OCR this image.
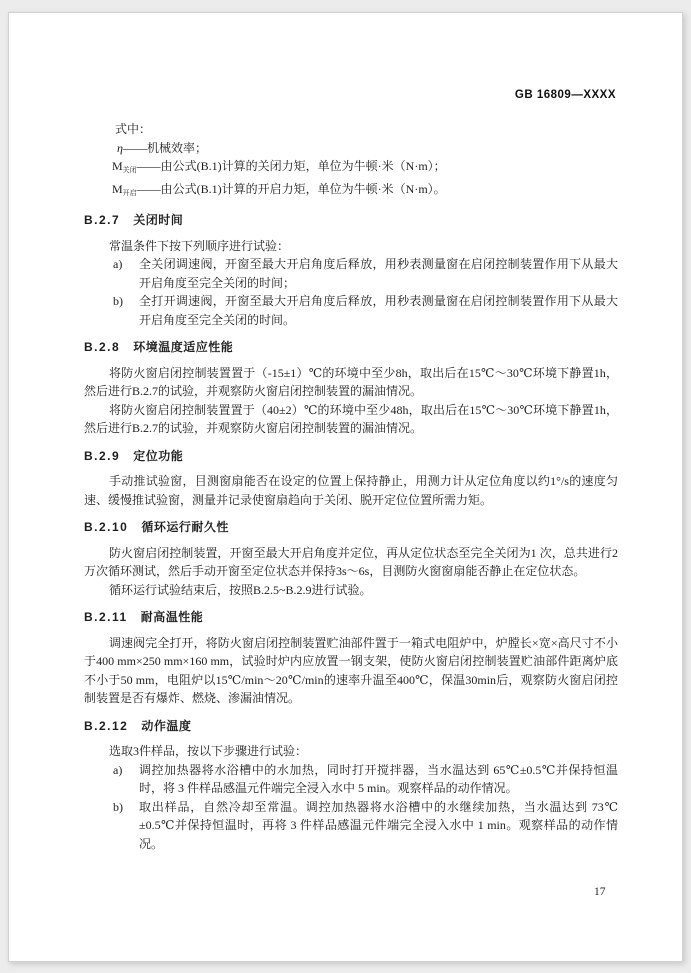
GB 16809—XXXX
式中：
η——机械效率；
$M_{关闭}——$由公式(B.1)计算的关闭力矩，单位为牛顿·米（N·m）；
$M_{开启}——$由公式(B.1)计算的开启力矩，单位为牛顿·米（N·m）。
B.2.7 关闭时间
常温条件下按下列顺序进行试验：
a) 全关闭调速阀，开窗至最大开启角度后释放，用秒表测量窗在启闭控制装置作用下从最大开启角度至完全关闭的时间；
b) 全打开调速阀，开窗至最大开启角度后释放，用秒表测量窗在启闭控制装置作用下从最大开启角度至完全关闭的时间。
B.2.8 环境温度适应性能
将防火窗启闭控制装置置于（-15±1）℃的环境中至少8h，取出后在15℃～30℃环境下静置1h，然后进行B.2.7的试验，并观察防火窗启闭控制装置的漏油情况。
将防火窗启闭控制装置置于（40±2）℃的环境中至少48h，取出后在15℃～30℃环境下静置1h，然后进行B.2.7的试验，并观察防火窗启闭控制装置的漏油情况。
B.2.9 定位功能
手动推试验窗，目测窗扇能否在设定的位置上保持静止，用测力计从定位角度以约1°/s的速度匀速、缓慢推试验窗，测量并记录使窗扇趋向于关闭、脱开定位位置所需力矩。
B.2.10 循环运行耐久性
防火窗启闭控制装置，开窗至最大开启角度并定位，再从定位状态至完全关闭为1 次，总共进行2万次循环测试，然后手动开窗至定位状态并保持3s～6s，目测防火窗窗扇能否静止在定位状态。
循环运行试验结束后，按照B.2.5~B.2.9进行试验。
B.2.11 耐高温性能
调速阀完全打开，将防火窗启闭控制装置贮油部件置于一箱式电阻炉中，炉膛长×宽×高尺寸不小于400 mm×250 mm×160 mm，试验时炉内应放置一钢支架，使防火窗启闭控制装置贮油部件距离炉底不小于50 mm，电阻炉以15℃/min～20℃/min的速率升温至400℃，保温30min后，观察防火窗启闭控制装置是否有爆炸、燃烧、渗漏油情况。
B.2.12 动作温度
选取3件样品，按以下步骤进行试验：
a) 调控加热器将水浴槽中的水加热，同时打开搅拌器，当水温达到 65℃±0.5℃并保持恒温时，将 3 件样品感温元件端完全浸入水中 5 min。观察样品的动作情况。
b) 取出样品，自然冷却至常温。调控加热器将水浴槽中的水继续加热，当水温达到 73℃±0.5℃并保持恒温时，再将 3 件样品感温元件端完全浸入水中 1 min。观察样品的动作情况。
17
